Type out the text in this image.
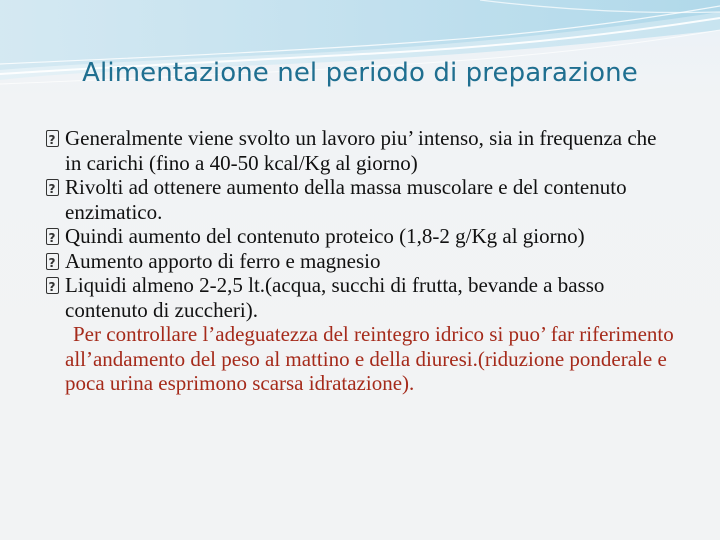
Alimentazione nel periodo di preparazione
?Generalmente viene svolto un lavoro piu’ intenso, sia in frequenza che in carichi (fino a 40-50 kcal/Kg al giorno)
?Rivolti ad ottenere aumento della massa muscolare e del contenuto enzimatico.
?Quindi aumento del contenuto proteico (1,8-2 g/Kg al giorno)
?Aumento apporto di ferro e magnesio
?Liquidi almeno 2-2,5 lt.(acqua, succhi di frutta, bevande a basso contenuto di zuccheri).
Per controllare l’adeguatezza del reintegro idrico si puo’ far riferimento all’andamento del peso al mattino e della diuresi.(riduzione ponderale e poca urina esprimono scarsa idratazione).
